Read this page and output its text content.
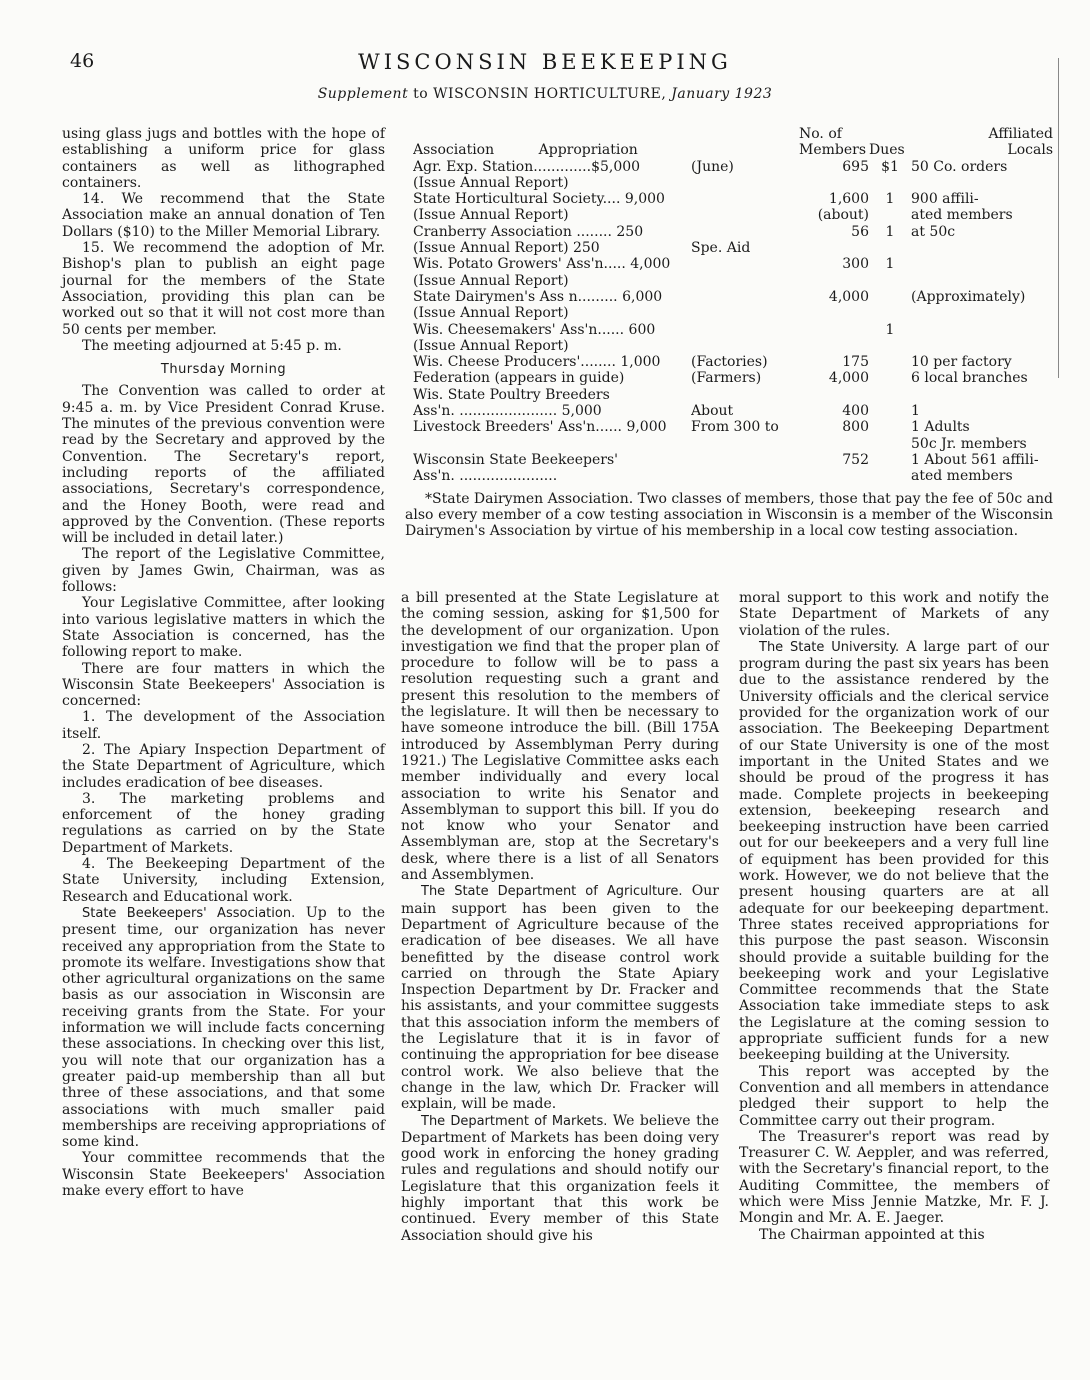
46	WISCONSIN BEEKEEPING
Supplement to WISCONSIN HORTICULTURE, January 1923

using glass jugs and bottles with the hope of establishing a uniform price for glass containers as well as lithographed containers.

14. We recommend that the State Association make an annual donation of Ten Dollars ($10) to the Miller Memorial Library.

15. We recommend the adoption of Mr. Bishop's plan to publish an eight page journal for the members of the State Association, providing this plan can be worked out so that it will not cost more than 50 cents per member.

The meeting adjourned at 5:45 p. m.

Thursday Morning

The Convention was called to order at 9:45 a. m. by Vice President Conrad Kruse. The minutes of the previous convention were read by the Secretary and approved by the Convention. The Secretary's report, including reports of the affiliated associations, Secretary's correspondence, and the Honey Booth, were read and approved by the Convention. (These reports will be included in detail later.)

The report of the Legislative Committee, given by James Gwin, Chairman, was as follows:

Your Legislative Committee, after looking into various legislative matters in which the State Association is concerned, has the following report to make.

There are four matters in which the Wisconsin State Beekeepers' Association is concerned:

1. The development of the Association itself.

2. The Apiary Inspection Department of the State Department of Agriculture, which includes eradication of bee diseases.

3. The marketing problems and enforcement of the honey grading regulations as carried on by the State Department of Markets.

4. The Beekeeping Department of the State University, including Extension, Research and Educational work.

State Beekeepers' Association. Up to the present time, our organization has never received any appropriation from the State to promote its welfare. Investigations show that other agricultural organizations on the same basis as our association in Wisconsin are receiving grants from the State. For your information we will include facts concerning these associations. In checking over this list, you will note that our organization has a greater paid-up membership than all but three of these associations, and that some associations with much smaller paid memberships are receiving appropriations of some kind.

Your committee recommends that the Wisconsin State Beekeepers' Association make every effort to have

		No. of		Affiliated
Association          Appropriation		Members	Dues	Locals
Agr. Exp. Station.............$5,000	(June)	695	$1	50 Co. orders
(Issue Annual Report)				
State Horticultural Society.... 9,000		1,600	1	900 affili-
(Issue Annual Report)		(about)		ated members
Cranberry Association ........ 250		56	1	at 50c
(Issue Annual Report) 250	Spe. Aid			
Wis. Potato Growers' Ass'n..... 4,000		300	1	
(Issue Annual Report)				
State Dairymen's Ass n......... 6,000		4,000		(Approximately)
(Issue Annual Report)				
Wis. Cheesemakers' Ass'n...... 600			1	
(Issue Annual Report)				
Wis. Cheese Producers'........ 1,000	(Factories)	175		10 per factory
Federation (appears in guide)	(Farmers)	4,000		6 local branches
Wis. State Poultry Breeders				
Ass'n. ...................... 5,000	About	400		1
Livestock Breeders' Ass'n...... 9,000	From 300 to	800		1 Adults
				50c Jr. members
Wisconsin State Beekeepers'		752		1 About 561 affili-
Ass'n. ......................				ated members

*State Dairymen Association. Two classes of members, those that pay the fee of 50c and also every member of a cow testing association in Wisconsin is a member of the Wisconsin Dairymen's Association by virtue of his membership in a local cow testing association.

a bill presented at the State Legislature at the coming session, asking for $1,500 for the development of our organization. Upon investigation we find that the proper plan of procedure to follow will be to pass a resolution requesting such a grant and present this resolution to the members of the legislature. It will then be necessary to have someone introduce the bill. (Bill 175A introduced by Assemblyman Perry during 1921.) The Legislative Committee asks each member individually and every local association to write his Senator and Assemblyman to support this bill. If you do not know who your Senator and Assemblyman are, stop at the Secretary's desk, where there is a list of all Senators and Assemblymen.

The State Department of Agriculture. Our main support has been given to the Department of Agriculture because of the eradication of bee diseases. We all have benefitted by the disease control work carried on through the State Apiary Inspection Department by Dr. Fracker and his assistants, and your committee suggests that this association inform the members of the Legislature that it is in favor of continuing the appropriation for bee disease control work. We also believe that the change in the law, which Dr. Fracker will explain, will be made.

The Department of Markets. We believe the Department of Markets has been doing very good work in enforcing the honey grading rules and regulations and should notify our Legislature that this organization feels it highly important that this work be continued. Every member of this State Association should give his

moral support to this work and notify the State Department of Markets of any violation of the rules.

The State University. A large part of our program during the past six years has been due to the assistance rendered by the University officials and the clerical service provided for the organization work of our association. The Beekeeping Department of our State University is one of the most important in the United States and we should be proud of the progress it has made. Complete projects in beekeeping extension, beekeeping research and beekeeping instruction have been carried out for our beekeepers and a very full line of equipment has been provided for this work. However, we do not believe that the present housing quarters are at all adequate for our beekeeping department. Three states received appropriations for this purpose the past season. Wisconsin should provide a suitable building for the beekeeping work and your Legislative Committee recommends that the State Association take immediate steps to ask the Legislature at the coming session to appropriate sufficient funds for a new beekeeping building at the University.

This report was accepted by the Convention and all members in attendance pledged their support to help the Committee carry out their program.

The Treasurer's report was read by Treasurer C. W. Aeppler, and was referred, with the Secretary's financial report, to the Auditing Committee, the members of which were Miss Jennie Matzke, Mr. F. J. Mongin and Mr. A. E. Jaeger.

The Chairman appointed at this
